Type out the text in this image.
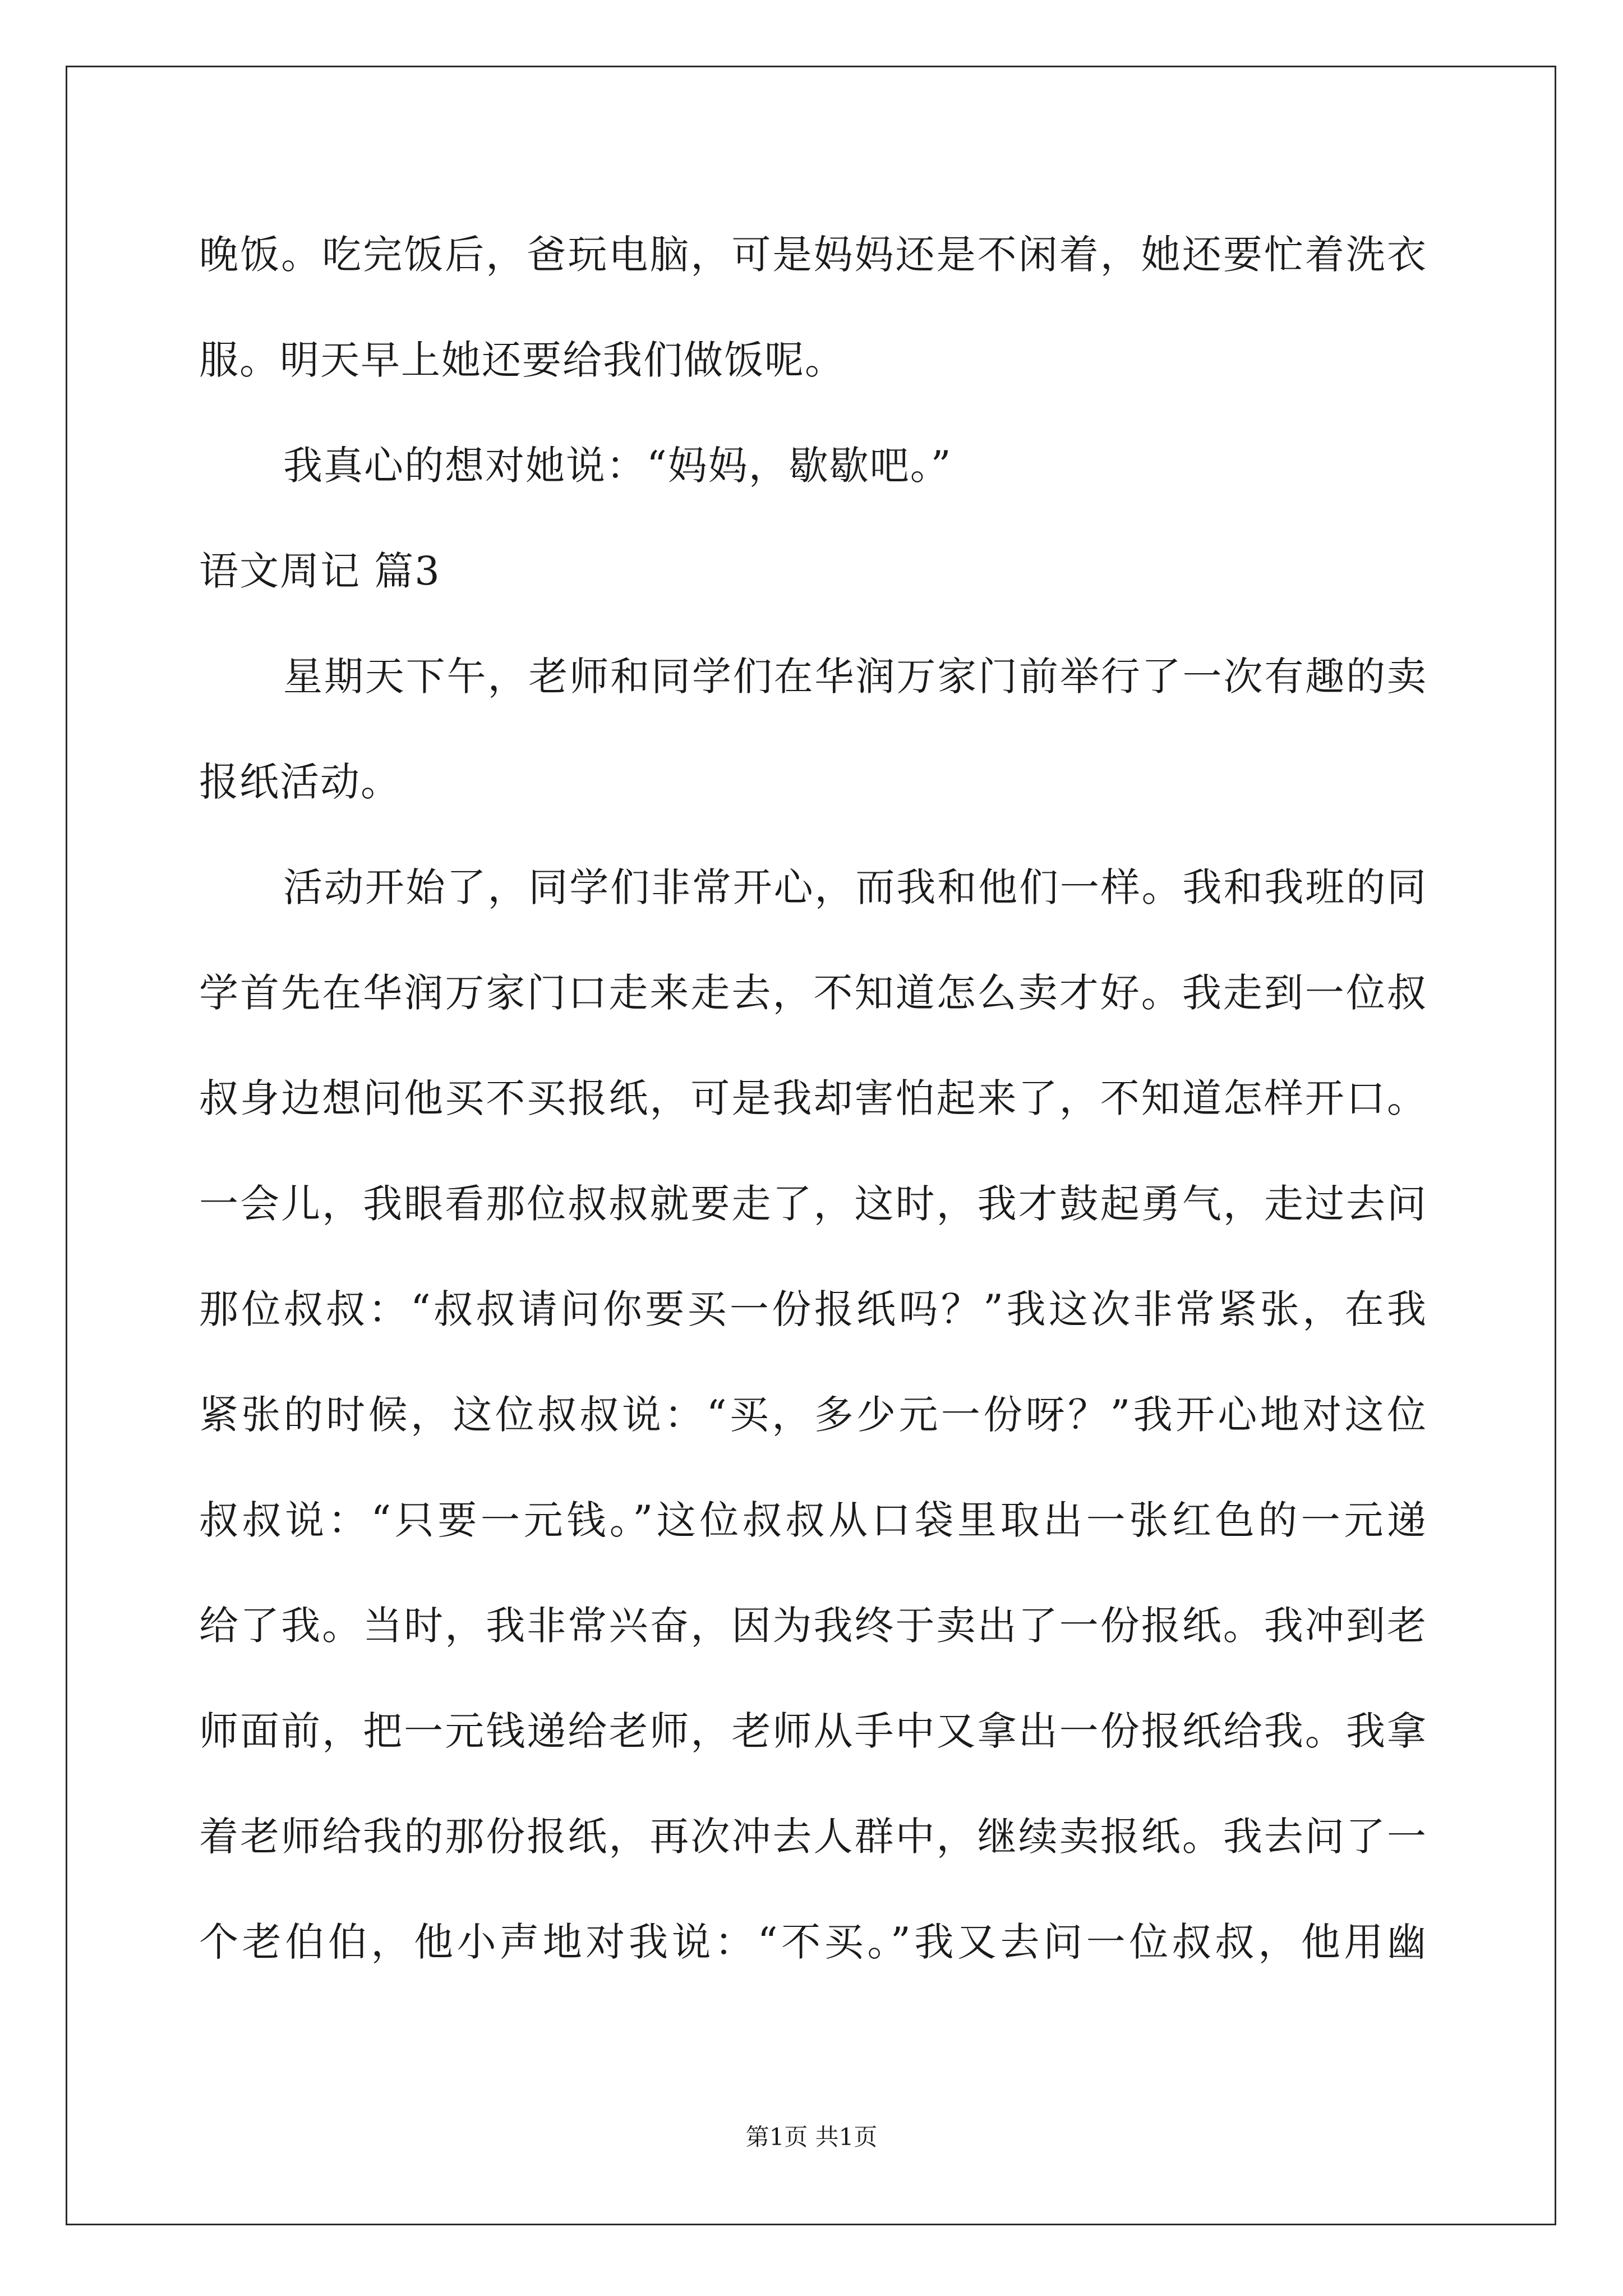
晚饭。吃完饭后，爸玩电脑，可是妈妈还是不闲着，她还要忙着洗衣
服。明天早上她还要给我们做饭呢。
我真心的想对她说：“妈妈，歇歇吧。”
语文周记 篇3
星期天下午，老师和同学们在华润万家门前举行了一次有趣的卖
报纸活动。
活动开始了，同学们非常开心，而我和他们一样。我和我班的同
学首先在华润万家门口走来走去，不知道怎么卖才好。我走到一位叔
叔身边想问他买不买报纸，可是我却害怕起来了，不知道怎样开口。
一会儿，我眼看那位叔叔就要走了，这时，我才鼓起勇气，走过去问
那位叔叔：“叔叔请问你要买一份报纸吗？”我这次非常紧张，在我
紧张的时候，这位叔叔说：“买，多少元一份呀？”我开心地对这位
叔叔说：“只要一元钱。”这位叔叔从口袋里取出一张红色的一元递
给了我。当时，我非常兴奋，因为我终于卖出了一份报纸。我冲到老
师面前，把一元钱递给老师，老师从手中又拿出一份报纸给我。我拿
着老师给我的那份报纸，再次冲去人群中，继续卖报纸。我去问了一
个老伯伯，他小声地对我说：“不买。”我又去问一位叔叔，他用幽
第1页 共1页
